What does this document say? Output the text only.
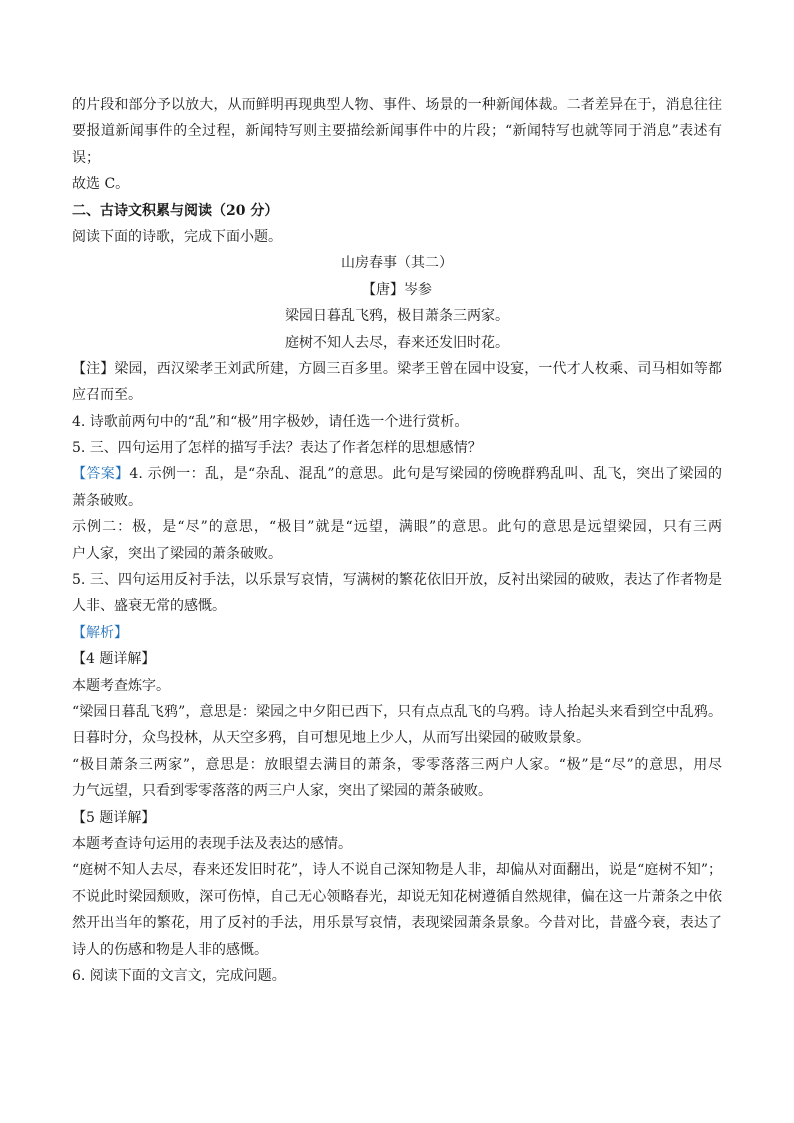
的片段和部分予以放大，从而鲜明再现典型人物、事件、场景的一种新闻体裁。二者差异在于，消息往往
要报道新闻事件的全过程，新闻特写则主要描绘新闻事件中的片段；“新闻特写也就等同于消息”表述有
误；
故选 C。
二、古诗文积累与阅读（20 分）
阅读下面的诗歌，完成下面小题。
山房春事（其二）
【唐】岑参
梁园日暮乱飞鸦，极目萧条三两家。
庭树不知人去尽，春来还发旧时花。
【注】梁园，西汉梁孝王刘武所建，方圆三百多里。梁孝王曾在园中设宴，一代才人枚乘、司马相如等都
应召而至。
4. 诗歌前两句中的“乱”和“极”用字极妙，请任选一个进行赏析。
5. 三、四句运用了怎样的描写手法？表达了作者怎样的思想感情？
【答案】4. 示例一：乱，是“杂乱、混乱”的意思。此句是写梁园的傍晚群鸦乱叫、乱飞，突出了梁园的
萧条破败。
示例二：极，是“尽”的意思，“极目”就是“远望，满眼”的意思。此句的意思是远望梁园，只有三两
户人家，突出了梁园的萧条破败。
5. 三、四句运用反衬手法，以乐景写哀情，写满树的繁花依旧开放，反衬出梁园的破败，表达了作者物是
人非、盛衰无常的感慨。
【解析】
【4 题详解】
本题考查炼字。
“梁园日暮乱飞鸦”，意思是：梁园之中夕阳已西下，只有点点乱飞的乌鸦。诗人抬起头来看到空中乱鸦。
日暮时分，众鸟投林，从天空多鸦，自可想见地上少人，从而写出梁园的破败景象。
“极目萧条三两家”，意思是：放眼望去满目的萧条，零零落落三两户人家。“极”是“尽”的意思，用尽
力气远望，只看到零零落落的两三户人家，突出了梁园的萧条破败。
【5 题详解】
本题考查诗句运用的表现手法及表达的感情。
“庭树不知人去尽，春来还发旧时花”，诗人不说自己深知物是人非，却偏从对面翻出，说是“庭树不知”；
不说此时梁园颓败，深可伤悼，自己无心领略春光，却说无知花树遵循自然规律，偏在这一片萧条之中依
然开出当年的繁花，用了反衬的手法，用乐景写哀情，表现梁园萧条景象。今昔对比，昔盛今衰，表达了
诗人的伤感和物是人非的感慨。
6. 阅读下面的文言文，完成问题。
